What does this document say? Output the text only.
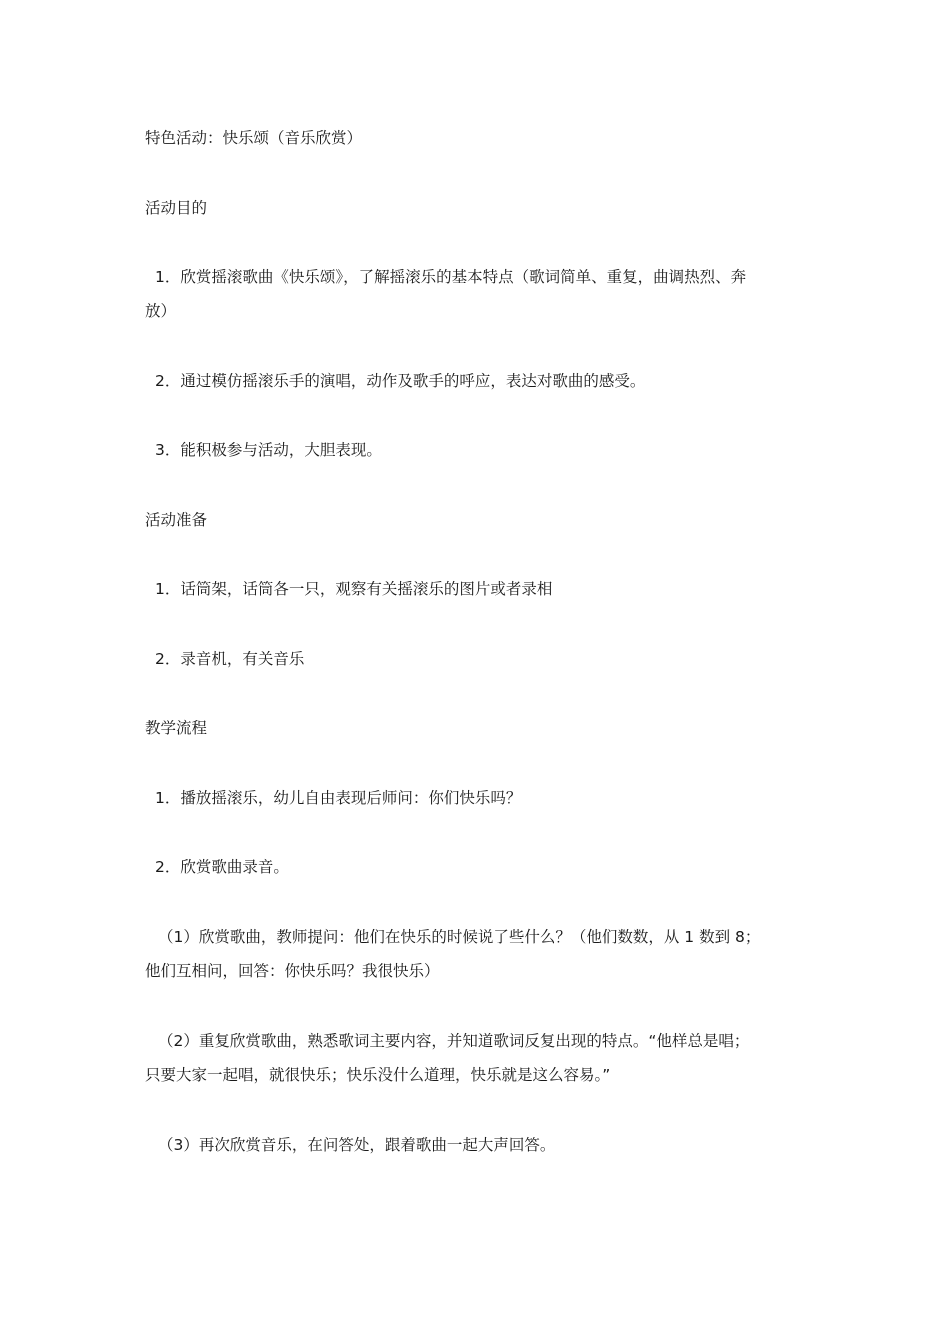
特色活动：快乐颂（音乐欣赏）
活动目的
1．欣赏摇滚歌曲《快乐颂》，了解摇滚乐的基本特点（歌词简单、重复，曲调热烈、奔
放）
2．通过模仿摇滚乐手的演唱，动作及歌手的呼应，表达对歌曲的感受。
3．能积极参与活动，大胆表现。
活动准备
1．话筒架，话筒各一只，观察有关摇滚乐的图片或者录相
2．录音机，有关音乐
教学流程
1．播放摇滚乐，幼儿自由表现后师问：你们快乐吗？
2．欣赏歌曲录音。
（1）欣赏歌曲，教师提问：他们在快乐的时候说了些什么？（他们数数，从 1 数到 8；
他们互相问，回答：你快乐吗？我很快乐）
（2）重复欣赏歌曲，熟悉歌词主要内容，并知道歌词反复出现的特点。“他样总是唱；
只要大家一起唱，就很快乐；快乐没什么道理，快乐就是这么容易。”
（3）再次欣赏音乐，在问答处，跟着歌曲一起大声回答。
